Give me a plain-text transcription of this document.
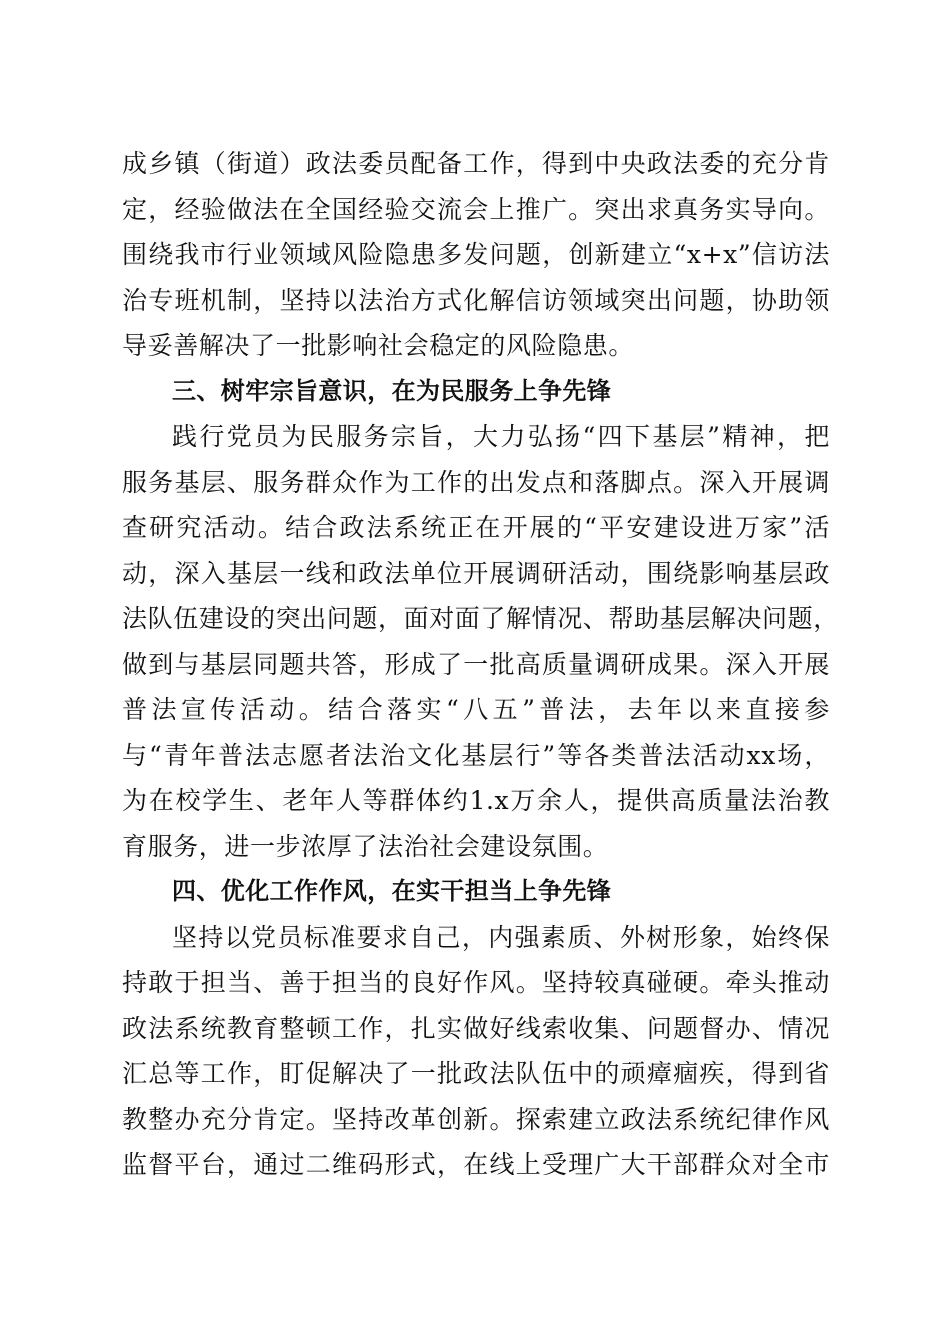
成乡镇（街道）政法委员配备工作，得到中央政法委的充分肯
定，经验做法在全国经验交流会上推广。突出求真务实导向。
围绕我市行业领域风险隐患多发问题，创新建立“x+x”信访法
治专班机制，坚持以法治方式化解信访领域突出问题，协助领
导妥善解决了一批影响社会稳定的风险隐患。
三、树牢宗旨意识，在为民服务上争先锋
践行党员为民服务宗旨，大力弘扬“四下基层”精神，把
服务基层、服务群众作为工作的出发点和落脚点。深入开展调
查研究活动。结合政法系统正在开展的“平安建设进万家”活
动，深入基层一线和政法单位开展调研活动，围绕影响基层政
法队伍建设的突出问题，面对面了解情况、帮助基层解决问题，
做到与基层同题共答，形成了一批高质量调研成果。深入开展
普法宣传活动。结合落实“八五”普法，去年以来直接参
与“青年普法志愿者法治文化基层行”等各类普法活动xx场，
为在校学生、老年人等群体约1.x万余人，提供高质量法治教
育服务，进一步浓厚了法治社会建设氛围。
四、优化工作作风，在实干担当上争先锋
坚持以党员标准要求自己，内强素质、外树形象，始终保
持敢于担当、善于担当的良好作风。坚持较真碰硬。牵头推动
政法系统教育整顿工作，扎实做好线索收集、问题督办、情况
汇总等工作，盯促解决了一批政法队伍中的顽瘴痼疾，得到省
教整办充分肯定。坚持改革创新。探索建立政法系统纪律作风
监督平台，通过二维码形式，在线上受理广大干部群众对全市
